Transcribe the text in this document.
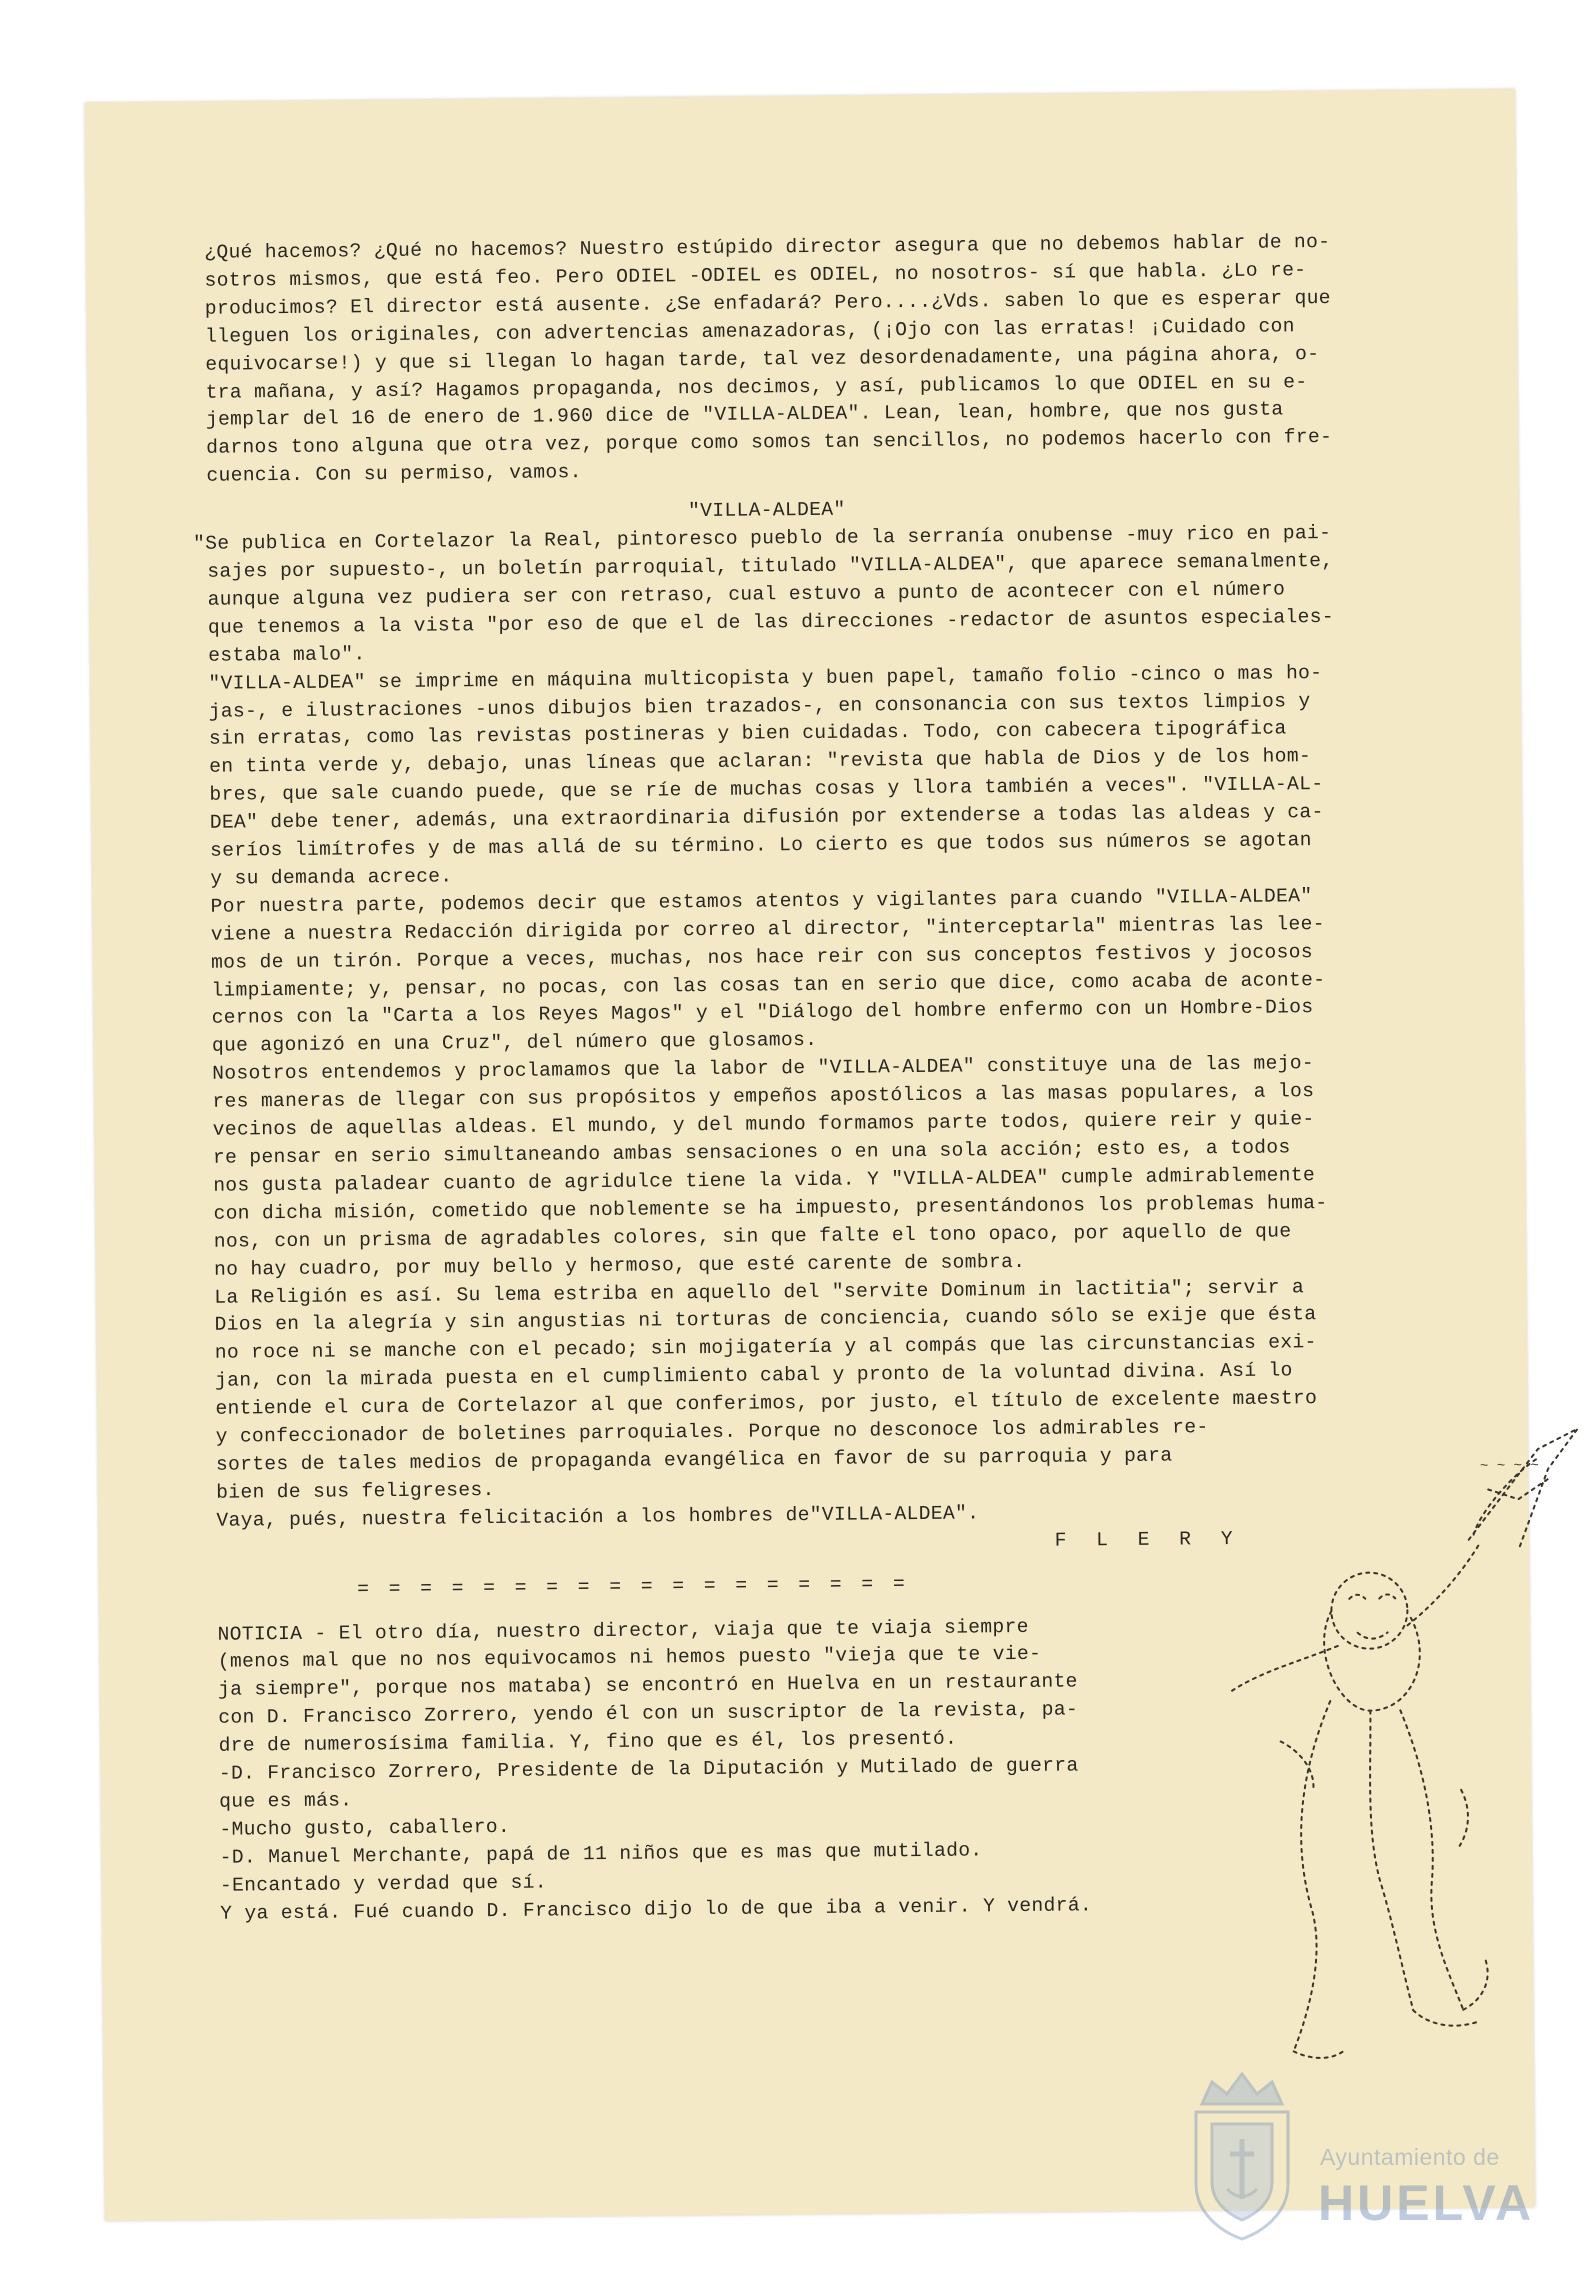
¿Qué hacemos? ¿Qué no hacemos? Nuestro estúpido director asegura que no debemos hablar de no-

sotros mismos, que está feo. Pero ODIEL -ODIEL es ODIEL, no nosotros- sí que habla. ¿Lo re-

producimos? El director está ausente. ¿Se enfadará? Pero....¿Vds. saben lo que es esperar que

lleguen los originales, con advertencias amenazadoras, (¡Ojo con las erratas! ¡Cuidado con

equivocarse!) y que si llegan lo hagan tarde, tal vez desordenadamente, una página ahora, o-

tra mañana, y así? Hagamos propaganda, nos decimos, y así, publicamos lo que ODIEL en su e-

jemplar del 16 de enero de 1.960 dice de "VILLA-ALDEA". Lean, lean, hombre, que nos gusta

darnos tono alguna que otra vez, porque como somos tan sencillos, no podemos hacerlo con fre-

cuencia. Con su permiso, vamos.

"VILLA-ALDEA"

"Se publica en Cortelazor la Real, pintoresco pueblo de la serranía onubense -muy rico en pai-

sajes por supuesto-, un boletín parroquial, titulado "VILLA-ALDEA", que aparece semanalmente,

aunque alguna vez pudiera ser con retraso, cual estuvo a punto de acontecer con el número

que tenemos a la vista "por eso de que el de las direcciones -redactor de asuntos especiales-

estaba malo".

"VILLA-ALDEA" se imprime en máquina multicopista y buen papel, tamaño folio -cinco o mas ho-

jas-, e ilustraciones -unos dibujos bien trazados-, en consonancia con sus textos limpios y

sin erratas, como las revistas postineras y bien cuidadas. Todo, con cabecera tipográfica

en tinta verde y, debajo, unas líneas que aclaran: "revista que habla de Dios y de los hom-

bres, que sale cuando puede, que se ríe de muchas cosas y llora también a veces". "VILLA-AL-

DEA" debe tener, además, una extraordinaria difusión por extenderse a todas las aldeas y ca-

seríos limítrofes y de mas allá de su término. Lo cierto es que todos sus números se agotan

y su demanda acrece.

Por nuestra parte, podemos decir que estamos atentos y vigilantes para cuando "VILLA-ALDEA"

viene a nuestra Redacción dirigida por correo al director, "interceptarla" mientras las lee-

mos de un tirón. Porque a veces, muchas, nos hace reir con sus conceptos festivos y jocosos

limpiamente; y, pensar, no pocas, con las cosas tan en serio que dice, como acaba de aconte-

cernos con la "Carta a los Reyes Magos" y el "Diálogo del hombre enfermo con un Hombre-Dios

que agonizó en una Cruz", del número que glosamos.

Nosotros entendemos y proclamamos que la labor de "VILLA-ALDEA" constituye una de las mejo-

res maneras de llegar con sus propósitos y empeños apostólicos a las masas populares, a los

vecinos de aquellas aldeas. El mundo, y del mundo formamos parte todos, quiere reir y quie-

re pensar en serio simultaneando ambas sensaciones o en una sola acción; esto es, a todos

nos gusta paladear cuanto de agridulce tiene la vida. Y "VILLA-ALDEA" cumple admirablemente

con dicha misión, cometido que noblemente se ha impuesto, presentándonos los problemas huma-

nos, con un prisma de agradables colores, sin que falte el tono opaco, por aquello de que

no hay cuadro, por muy bello y hermoso, que esté carente de sombra.

La Religión es así. Su lema estriba en aquello del "servite Dominum in lactitia"; servir a

Dios en la alegría y sin angustias ni torturas de conciencia, cuando sólo se exije que ésta

no roce ni se manche con el pecado; sin mojigatería y al compás que las circunstancias exi-

jan, con la mirada puesta en el cumplimiento cabal y pronto de la voluntad divina. Así lo

entiende el cura de Cortelazor al que conferimos, por justo, el título de excelente maestro

y confeccionador de boletines parroquiales. Porque no desconoce los admirables re-

sortes de tales medios de propaganda evangélica en favor de su parroquia y para

bien de sus feligreses.

Vaya, pués, nuestra felicitación a los hombres de"VILLA-ALDEA".

F L E R Y

= = = = = = = = = = = = = = = = = =

NOTICIA - El otro día, nuestro director, viaja que te viaja siempre

(menos mal que no nos equivocamos ni hemos puesto "vieja que te vie-

ja siempre", porque nos mataba) se encontró en Huelva en un restaurante

con D. Francisco Zorrero, yendo él con un suscriptor de la revista, pa-

dre de numerosísima familia. Y, fino que es él, los presentó.

-D. Francisco Zorrero, Presidente de la Diputación y Mutilado de guerra

que es más.

-Mucho gusto, caballero.

-D. Manuel Merchante, papá de 11 niños que es mas que mutilado.

-Encantado y verdad que sí.

Y ya está. Fué cuando D. Francisco dijo lo de que iba a venir. Y vendrá.

~ ~ ~ ~
Ayuntamiento de
HUELVA
